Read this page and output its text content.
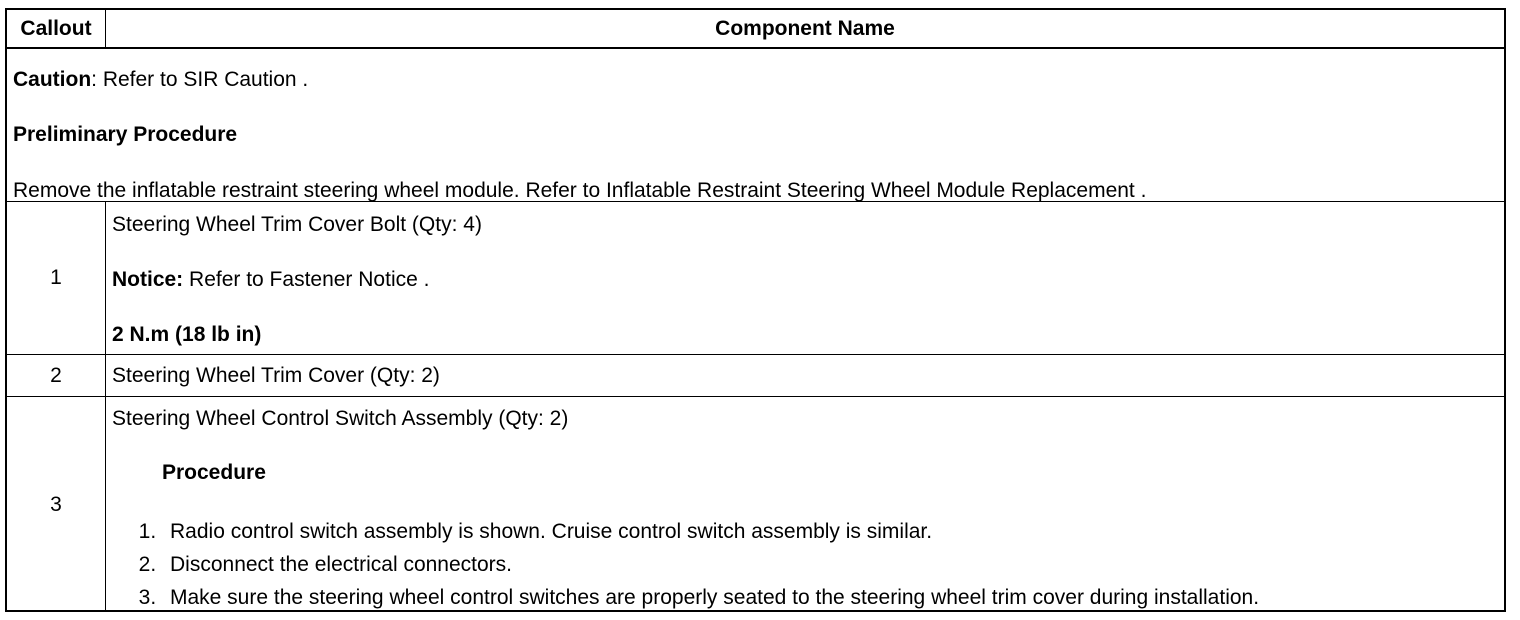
Callout	Component Name
Caution: Refer to SIR Caution .
Preliminary Procedure
Remove the inflatable restraint steering wheel module. Refer to Inflatable Restraint Steering Wheel Module Replacement .
1
Steering Wheel Trim Cover Bolt (Qty: 4)
Notice: Refer to Fastener Notice .
2 N.m (18 lb in)
2	Steering Wheel Trim Cover (Qty: 2)
3
Steering Wheel Control Switch Assembly (Qty: 2)
Procedure
1. Radio control switch assembly is shown. Cruise control switch assembly is similar.
2. Disconnect the electrical connectors.
3. Make sure the steering wheel control switches are properly seated to the steering wheel trim cover during installation.
